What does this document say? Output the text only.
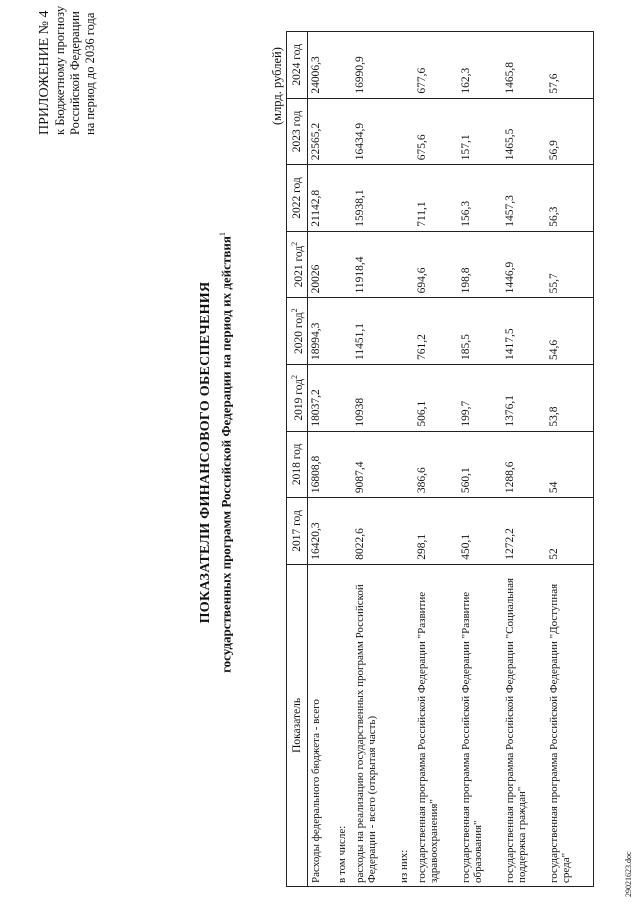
ПРИЛОЖЕНИЕ № 4 к Бюджетному прогнозу Российской Федерации на период до 2036 года
ПОКАЗАТЕЛИ ФИНАНСОВОГО ОБЕСПЕЧЕНИЯ государственных программ Российской Федерации на период их действия$^1$
(млрд. рублей)
Показатель	2017 год	2018 год	2019 год$^2$	2020 год$^2$	2021 год$^2$	2022 год	2023 год	2024 год
Расходы федерального бюджета - всего	16420,3	16808,8	18037,2	18994,3	20026	21142,8	22565,2	24006,3
в том числе:								
расходы на реализацию государственных программ Российской Федерации - всего (открытая часть)	8022,6	9087,4	10938	11451,1	11918,4	15938,1	16434,9	16990,9
из них:								
государственная программа Российской Федерации "Развитие здравоохранения"	298,1	386,6	506,1	761,2	694,6	711,1	675,6	677,6
государственная программа Российской Федерации "Развитие образования"	450,1	560,1	199,7	185,5	198,8	156,3	157,1	162,3
государственная программа Российской Федерации "Социальная поддержка граждан"	1272,2	1288,6	1376,1	1417,5	1446,9	1457,3	1465,5	1465,8
государственная программа Российской Федерации "Доступная среда"	52	54	53,8	54,6	55,7	56,3	56,9	57,6
29021623.doc
